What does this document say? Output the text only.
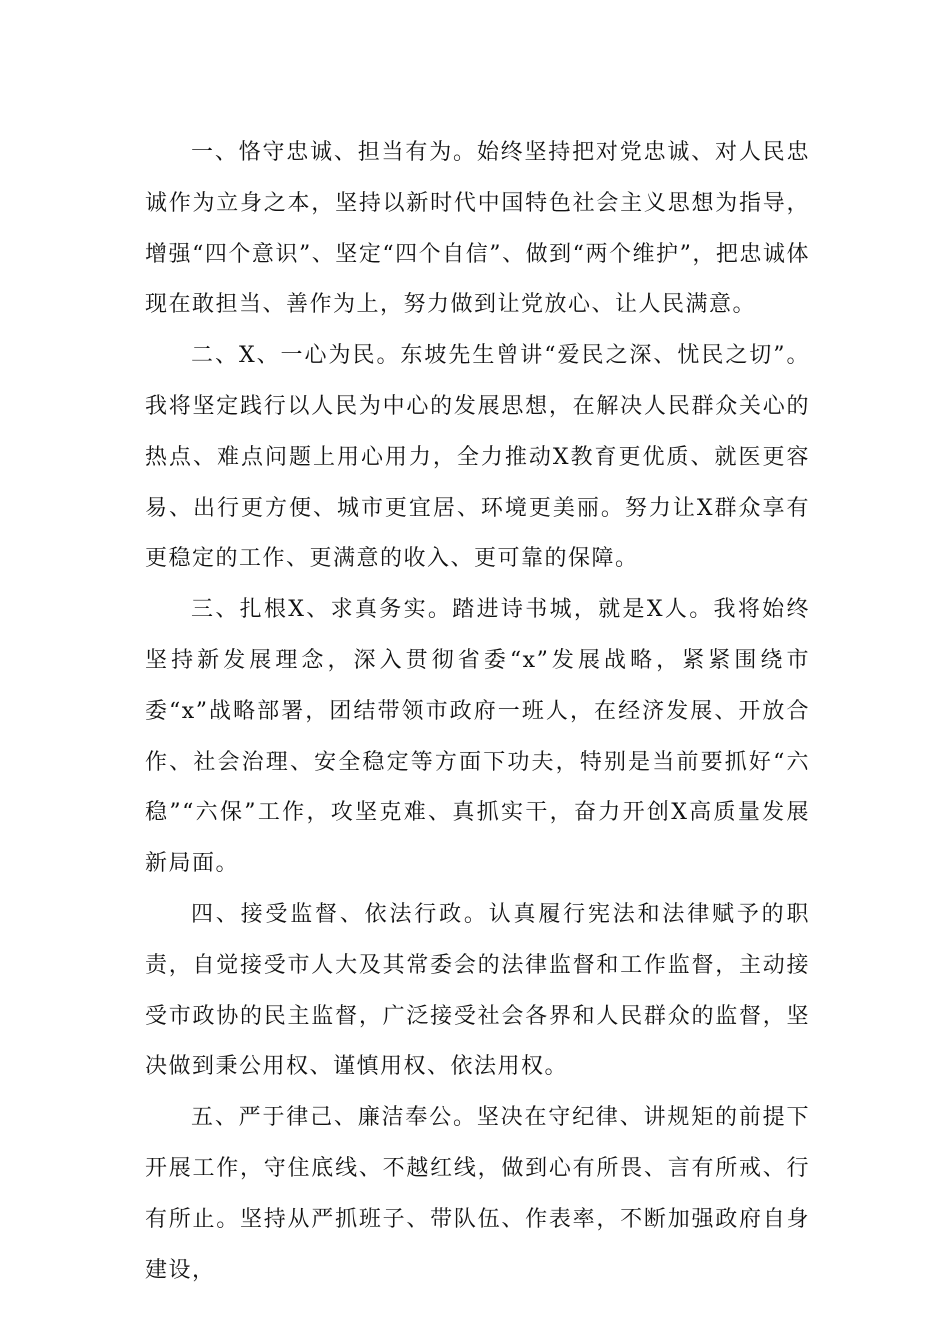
一、恪守忠诚、担当有为。始终坚持把对党忠诚、对人民忠诚作为立身之本，坚持以新时代中国特色社会主义思想为指导，增强“四个意识”、坚定“四个自信”、做到“两个维护”，把忠诚体现在敢担当、善作为上，努力做到让党放心、让人民满意。

二、X、一心为民。东坡先生曾讲“爱民之深、忧民之切”。我将坚定践行以人民为中心的发展思想，在解决人民群众关心的热点、难点问题上用心用力，全力推动X教育更优质、就医更容易、出行更方便、城市更宜居、环境更美丽。努力让X群众享有更稳定的工作、更满意的收入、更可靠的保障。

三、扎根X、求真务实。踏进诗书城，就是X人。我将始终坚持新发展理念，深入贯彻省委“x”发展战略，紧紧围绕市委“x”战略部署，团结带领市政府一班人，在经济发展、开放合作、社会治理、安全稳定等方面下功夫，特别是当前要抓好“六稳”“六保”工作，攻坚克难、真抓实干，奋力开创X高质量发展新局面。

四、接受监督、依法行政。认真履行宪法和法律赋予的职责，自觉接受市人大及其常委会的法律监督和工作监督，主动接受市政协的民主监督，广泛接受社会各界和人民群众的监督，坚决做到秉公用权、谨慎用权、依法用权。

五、严于律己、廉洁奉公。坚决在守纪律、讲规矩的前提下开展工作，守住底线、不越红线，做到心有所畏、言有所戒、行有所止。坚持从严抓班子、带队伍、作表率，不断加强政府自身建设，
